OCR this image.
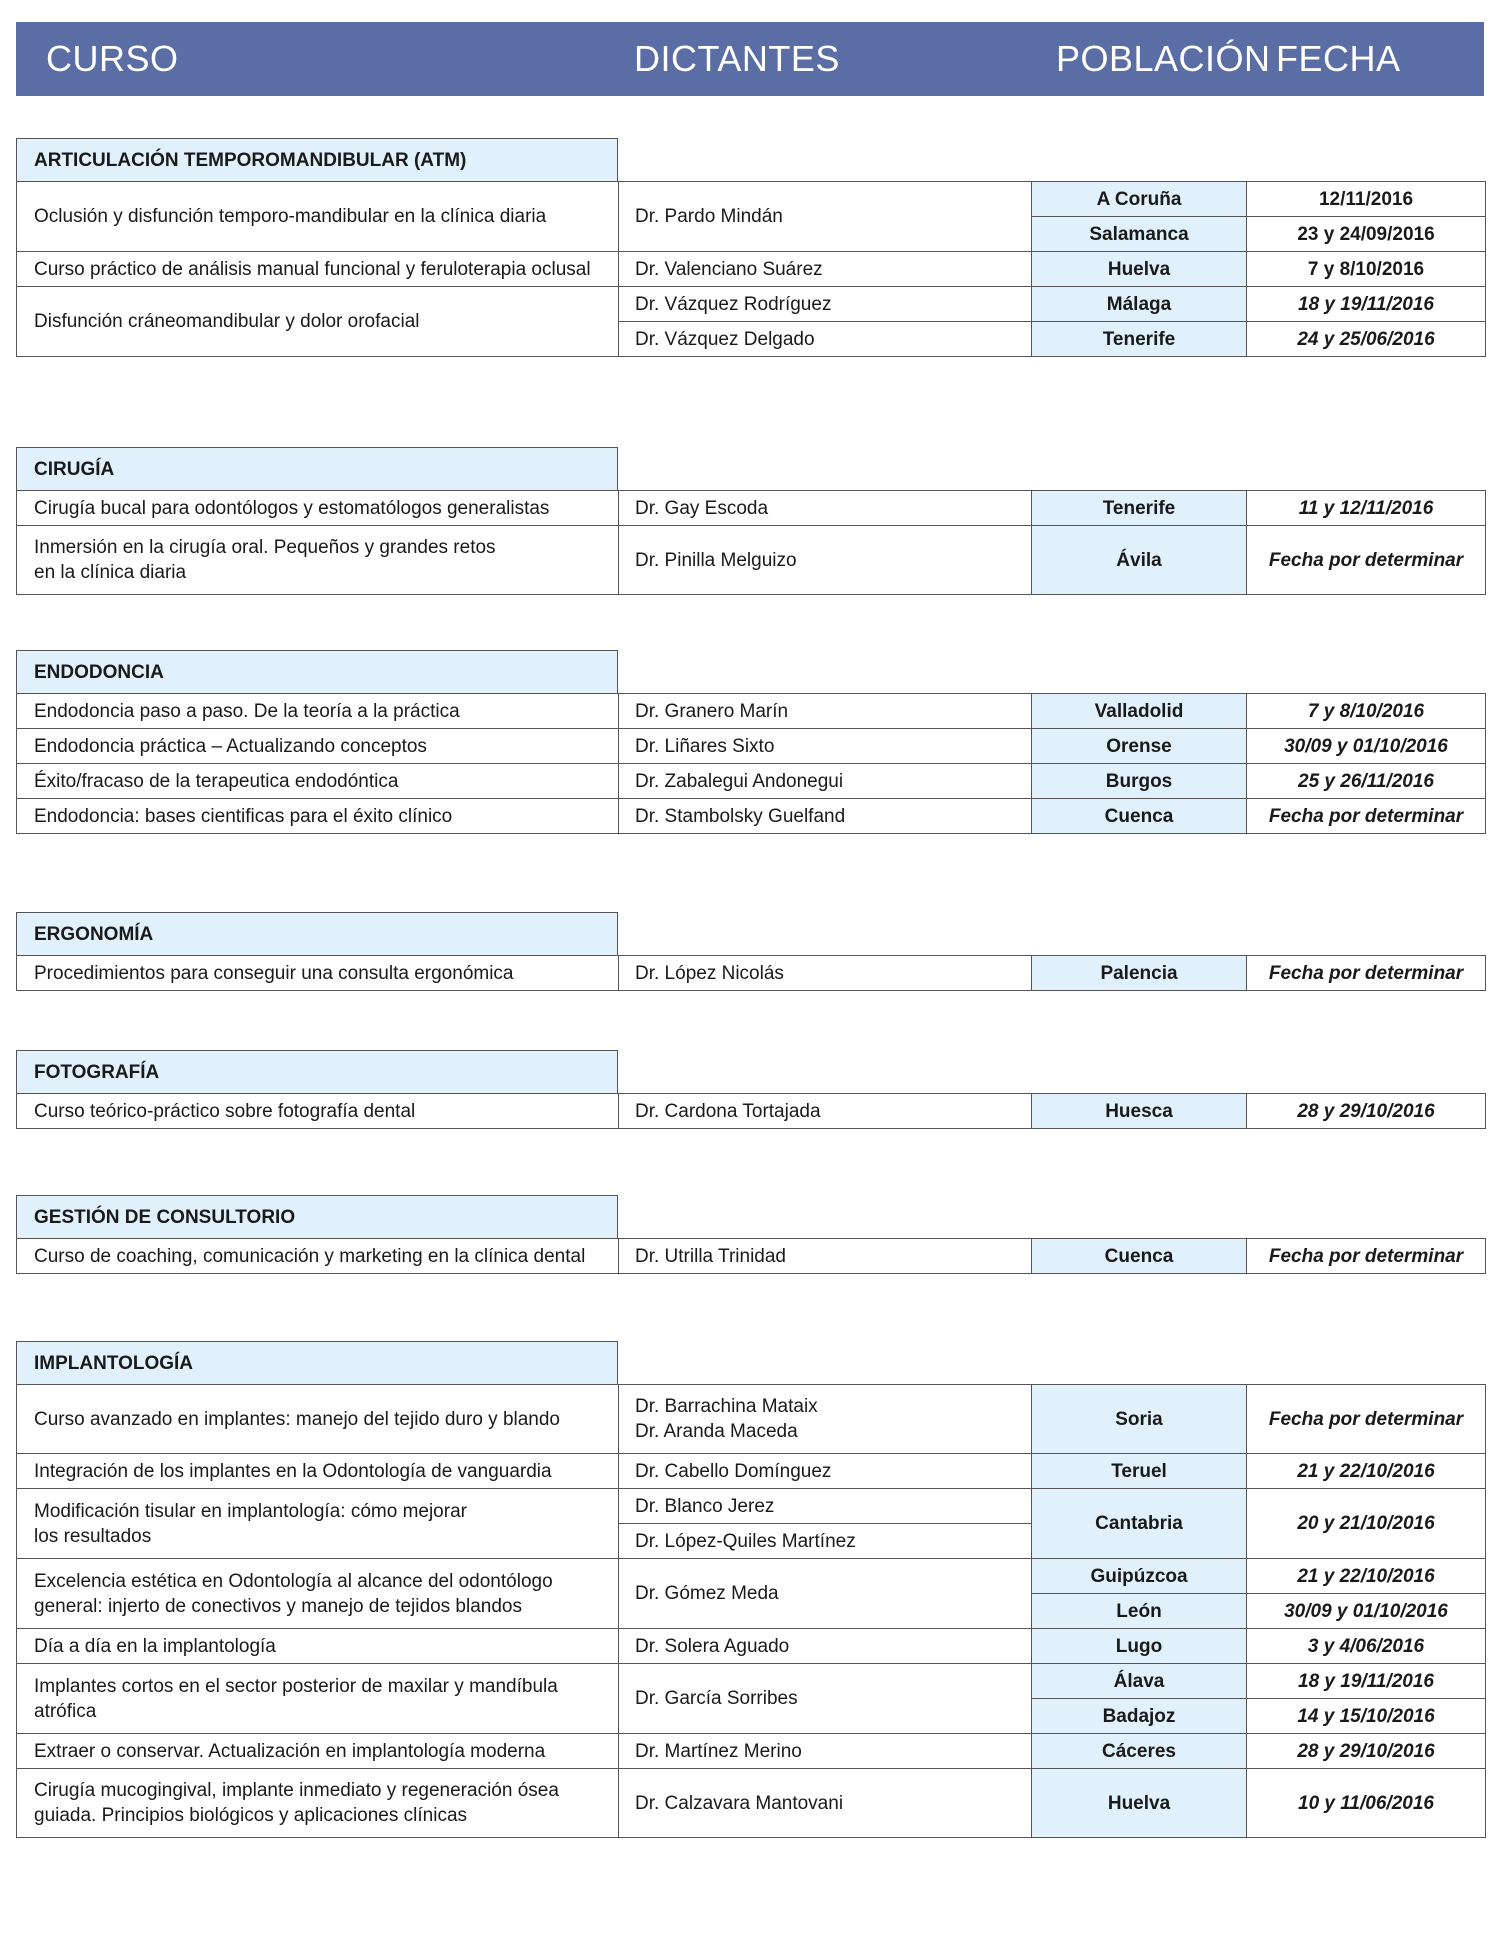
CURSO	DICTANTES	POBLACIÓN FECHA
ARTICULACIÓN TEMPOROMANDIBULAR (ATM)
Oclusión y disfunción temporo-mandibular en la clínica diaria	Dr. Pardo Mindán	A Coruña	12/11/2016
		Salamanca	23 y 24/09/2016
Curso práctico de análisis manual funcional y feruloterapia oclusal	Dr. Valenciano Suárez	Huelva	7 y 8/10/2016
Disfunción cráneomandibular y dolor orofacial	Dr. Vázquez Rodríguez	Málaga	18 y 19/11/2016
	Dr. Vázquez Delgado	Tenerife	24 y 25/06/2016
CIRUGÍA
Cirugía bucal para odontólogos y estomatólogos generalistas	Dr. Gay Escoda	Tenerife	11 y 12/11/2016

Inmersión en la cirugía oral. Pequeños y grandes retos
en la clínica diaria	Dr. Pinilla Melguizo	Ávila	Fecha por determinar
ENDODONCIA
Endodoncia paso a paso. De la teoría a la práctica	Dr. Granero Marín	Valladolid	7 y 8/10/2016
Endodoncia práctica – Actualizando conceptos	Dr. Liñares Sixto	Orense	30/09 y 01/10/2016
Éxito/fracaso de la terapeutica endodóntica	Dr. Zabalegui Andonegui	Burgos	25 y 26/11/2016
Endodoncia: bases cientificas para el éxito clínico	Dr. Stambolsky Guelfand	Cuenca	Fecha por determinar
ERGONOMÍA
Procedimientos para conseguir una consulta ergonómica	Dr. López Nicolás	Palencia	Fecha por determinar
FOTOGRAFÍA
Curso teórico-práctico sobre fotografía dental	Dr. Cardona Tortajada	Huesca	28 y 29/10/2016
GESTIÓN DE CONSULTORIO
Curso de coaching, comunicación y marketing en la clínica dental	Dr. Utrilla Trinidad	Cuenca	Fecha por determinar
IMPLANTOLOGÍA
Curso avanzado en implantes: manejo del tejido duro y blando	Dr. Barrachina Mataix
Dr. Aranda Maceda	Soria	Fecha por determinar
Integración de los implantes en la Odontología de vanguardia	Dr. Cabello Domínguez	Teruel	21 y 22/10/2016

Modificación tisular en implantología: cómo mejorar
los resultados	Dr. Blanco Jerez	Cantabria	20 y 21/10/2016
	Dr. López-Quiles Martínez		

Excelencia estética en Odontología al alcance del odontólogo
general: injerto de conectivos y manejo de tejidos blandos	Dr. Gómez Meda	Guipúzcoa	21 y 22/10/2016
		León	30/09 y 01/10/2016
Día a día en la implantología	Dr. Solera Aguado	Lugo	3 y 4/06/2016

Implantes cortos en el sector posterior de maxilar y mandíbula
atrófica	Dr. García Sorribes	Álava	18 y 19/11/2016
		Badajoz	14 y 15/10/2016
Extraer o conservar. Actualización en implantología moderna	Dr. Martínez Merino	Cáceres	28 y 29/10/2016

Cirugía mucogingival, implante inmediato y regeneración ósea
guiada. Principios biológicos y aplicaciones clínicas	Dr. Calzavara Mantovani	Huelva	10 y 11/06/2016
